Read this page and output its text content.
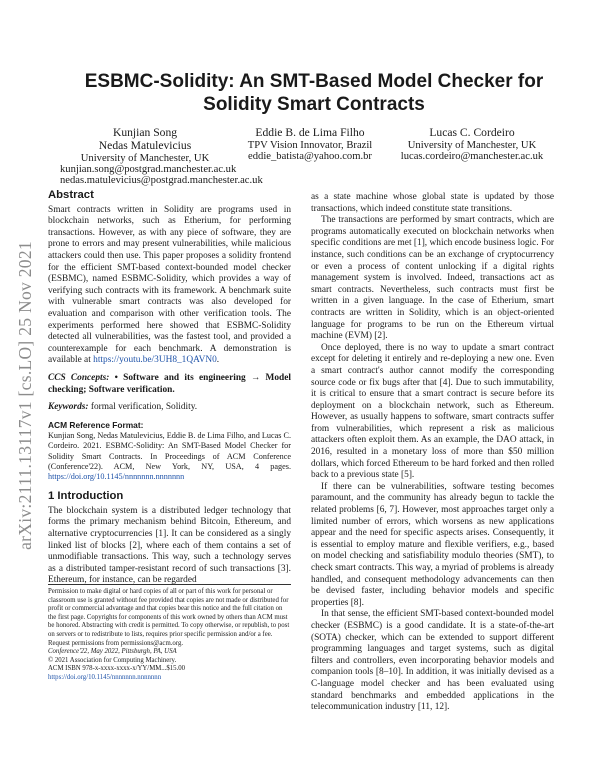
arXiv:2111.13117v1 [cs.LO] 25 Nov 2021
ESBMC-Solidity: An SMT-Based Model Checker for Solidity Smart Contracts
Kunjian Song
Nedas Matulevicius
University of Manchester, UK
kunjian.song@postgrad.manchester.ac.uk
nedas.matulevicius@postgrad.manchester.ac.uk
Eddie B. de Lima Filho
TPV Vision Innovator, Brazil
eddie_batista@yahoo.com.br
Lucas C. Cordeiro
University of Manchester, UK
lucas.cordeiro@manchester.ac.uk
Abstract

Smart contracts written in Solidity are programs used in blockchain networks, such as Etherium, for performing transactions. However, as with any piece of software, they are prone to errors and may present vulnerabilities, while malicious attackers could then use. This paper proposes a solidity frontend for the efficient SMT-based context-bounded model checker (ESBMC), named ESBMC-Solidity, which provides a way of verifying such contracts with its framework. A benchmark suite with vulnerable smart contracts was also developed for evaluation and comparison with other verification tools. The experiments performed here showed that ESBMC-Solidity detected all vulnerabilities, was the fastest tool, and provided a counterexample for each benchmark. A demonstration is available at https://youtu.be/3UH8_1QAVN0.

CCS Concepts: • Software and its engineering → Model checking; Software verification.

Keywords: formal verification, Solidity.

ACM Reference Format:

Kunjian Song, Nedas Matulevicius, Eddie B. de Lima Filho, and Lucas C. Cordeiro. 2021. ESBMC-Solidity: An SMT-Based Model Checker for Solidity Smart Contracts. In Proceedings of ACM Conference (Conference'22). ACM, New York, NY, USA, 4 pages. https://doi.org/10.1145/nnnnnnn.nnnnnnn

1 Introduction

The blockchain system is a distributed ledger technology that forms the primary mechanism behind Bitcoin, Ethereum, and alternative cryptocurrencies [1]. It can be considered as a singly linked list of blocks [2], where each of them contains a set of unmodifiable transactions. This way, such a technology serves as a distributed tamper-resistant record of such transactions [3]. Ethereum, for instance, can be regarded

Permission to make digital or hard copies of all or part of this work for personal or classroom use is granted without fee provided that copies are not made or distributed for profit or commercial advantage and that copies bear this notice and the full citation on the first page. Copyrights for components of this work owned by others than ACM must be honored. Abstracting with credit is permitted. To copy otherwise, or republish, to post on servers or to redistribute to lists, requires prior specific permission and/or a fee. Request permissions from permissions@acm.org.

Conference'22, May 2022, Pittsburgh, PA, USA

© 2021 Association for Computing Machinery.

ACM ISBN 978-x-xxxx-xxxx-x/YY/MM...$15.00

https://doi.org/10.1145/nnnnnnn.nnnnnnn

as a state machine whose global state is updated by those transactions, which indeed constitute state transitions.

The transactions are performed by smart contracts, which are programs automatically executed on blockchain networks when specific conditions are met [1], which encode business logic. For instance, such conditions can be an exchange of cryptocurrency or even a process of content unlocking if a digital rights management system is involved. Indeed, transactions act as smart contracts. Nevertheless, such contracts must first be written in a given language. In the case of Etherium, smart contracts are written in Solidity, which is an object-oriented language for programs to be run on the Ethereum virtual machine (EVM) [2].

Once deployed, there is no way to update a smart contract except for deleting it entirely and re-deploying a new one. Even a smart contract's author cannot modify the corresponding source code or fix bugs after that [4]. Due to such immutability, it is critical to ensure that a smart contract is secure before its deployment on a blockchain network, such as Ethereum. However, as usually happens to software, smart contracts suffer from vulnerabilities, which represent a risk as malicious attackers often exploit them. As an example, the DAO attack, in 2016, resulted in a monetary loss of more than $50 million dollars, which forced Ethereum to be hard forked and then rolled back to a previous state [5].

If there can be vulnerabilities, software testing becomes paramount, and the community has already begun to tackle the related problems [6, 7]. However, most approaches target only a limited number of errors, which worsens as new applications appear and the need for specific aspects arises. Consequently, it is essential to employ mature and flexible verifiers, e.g., based on model checking and satisfiability modulo theories (SMT), to check smart contracts. This way, a myriad of problems is already handled, and consequent methodology advancements can then be devised faster, including behavior models and specific properties [8].

In that sense, the efficient SMT-based context-bounded model checker (ESBMC) is a good candidate. It is a state-of-the-art (SOTA) checker, which can be extended to support different programming languages and target systems, such as digital filters and controllers, even incorporating behavior models and companion tools [8–10]. In addition, it was initially devised as a C-language model checker and has been evaluated using standard benchmarks and embedded applications in the telecommunication industry [11, 12].
